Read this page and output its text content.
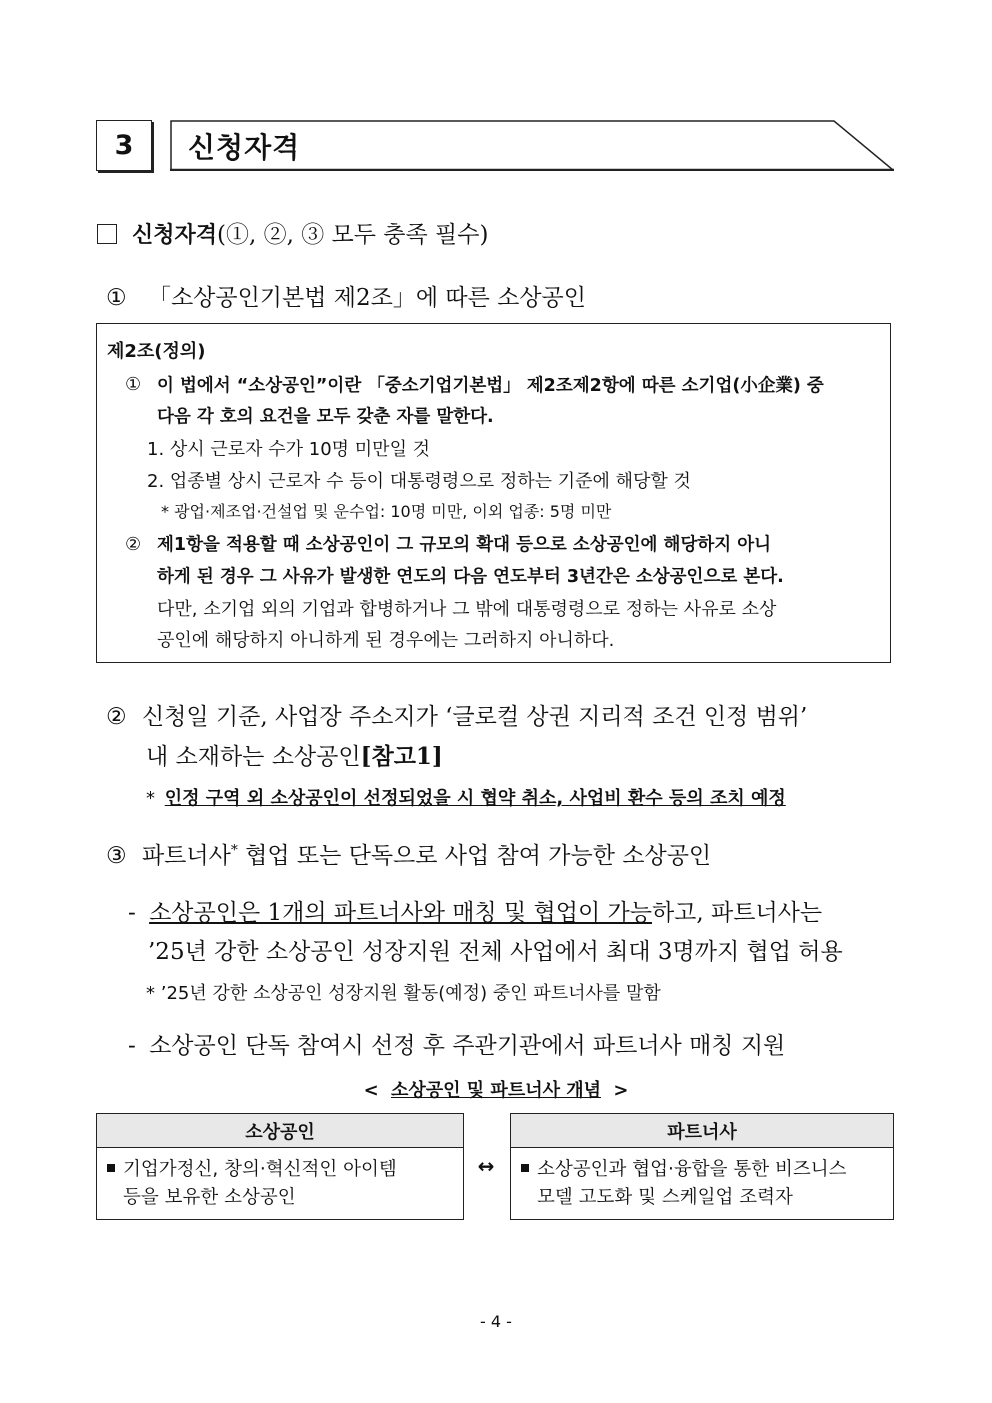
3 신청자격
신청자격(①, ②, ③ 모두 충족 필수)
① 「소상공인기본법 제2조」에 따른 소상공인
제2조(정의)
① 이 법에서 “소상공인”이란 「중소기업기본법」 제2조제2항에 따른 소기업(小企業) 중
다음 각 호의 요건을 모두 갖춘 자를 말한다.
1. 상시 근로자 수가 10명 미만일 것
2. 업종별 상시 근로자 수 등이 대통령령으로 정하는 기준에 해당할 것
* 광업·제조업·건설업 및 운수업: 10명 미만, 이외 업종: 5명 미만
② 제1항을 적용할 때 소상공인이 그 규모의 확대 등으로 소상공인에 해당하지 아니
하게 된 경우 그 사유가 발생한 연도의 다음 연도부터 3년간은 소상공인으로 본다.
다만, 소기업 외의 기업과 합병하거나 그 밖에 대통령령으로 정하는 사유로 소상
공인에 해당하지 아니하게 된 경우에는 그러하지 아니하다.
② 신청일 기준, 사업장 주소지가 ‘글로컬 상권 지리적 조건 인정 범위’
내 소재하는 소상공인[참고1]
* 인정 구역 외 소상공인이 선정되었을 시 협약 취소, 사업비 환수 등의 조치 예정
③ 파트너사* 협업 또는 단독으로 사업 참여 가능한 소상공인
- 소상공인은 1개의 파트너사와 매칭 및 협업이 가능하고, 파트너사는
’25년 강한 소상공인 성장지원 전체 사업에서 최대 3명까지 협업 허용
* ’25년 강한 소상공인 성장지원 활동(예정) 중인 파트너사를 말함
- 소상공인 단독 참여시 선정 후 주관기관에서 파트너사 매칭 지원
< 소상공인 및 파트너사 개념 >
소상공인
기업가정신, 창의·혁신적인 아이템
등을 보유한 소상공인
↔
파트너사
소상공인과 협업·융합을 통한 비즈니스
모델 고도화 및 스케일업 조력자
- 4 -
